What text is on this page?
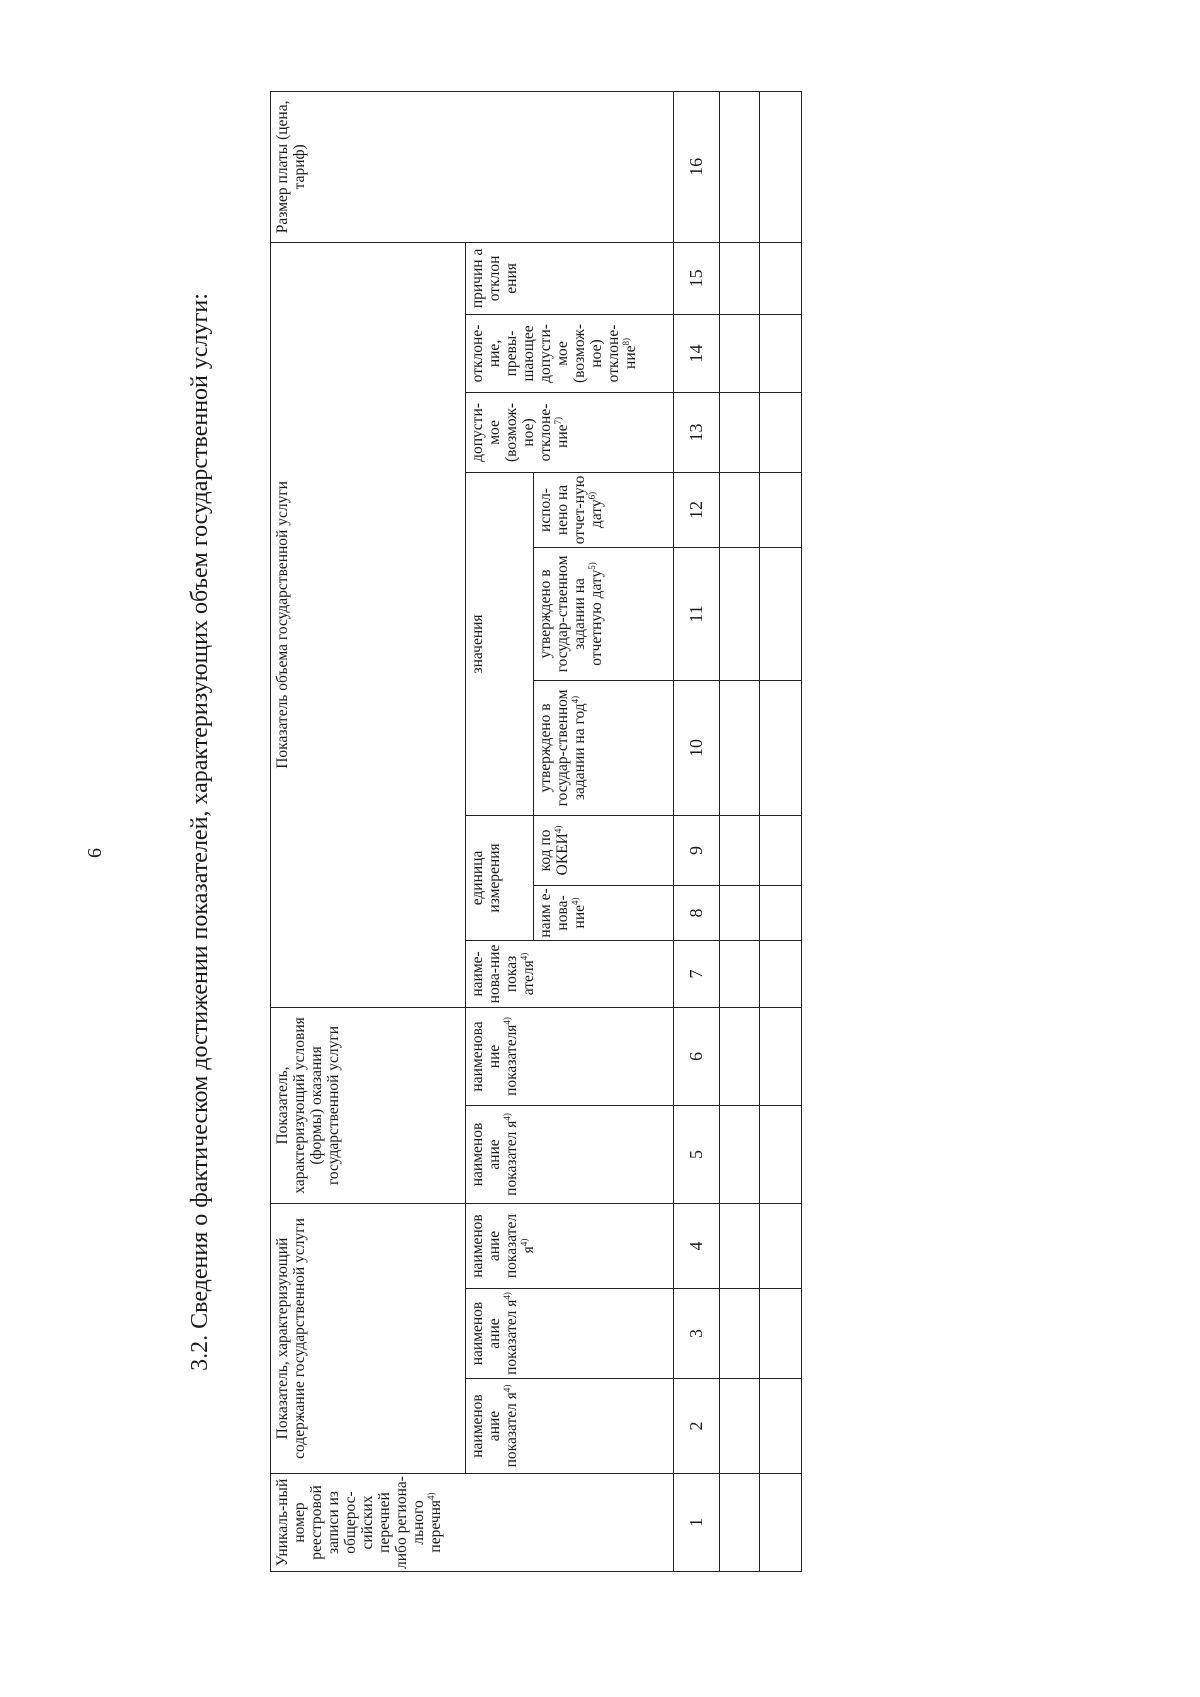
6	3.2. Сведения о фактическом достижении показателей, характеризующих объем государственной услуги:
Уникаль-ный номер реестровой записи из общерос-сийских перечней либо региона-льного перечня$^{4)}$	Показатель, характеризующий содержание государственной услуги			Показатель, характеризующий условия (формы) оказания государственной услуги		Показатель объема государственной услуги									Размер платы (цена, тариф)
	наименов ание показател $я^{4)}$	наименов ание показател $я^{4)}$	наименов ание показател $я^{4)}$	наименов ание показател $я^{4)}$	наименова ние показателя$^{4)}$	наиме-нова-ние показ ателя$^{4)}$	единица измерения		значения			допусти-мое (возмож-ное) отклоне-ние$^{7)}$	отклоне-ние, превы-шающее допусти-мое (возмож-ное) отклоне-ние$^{8)}$	причин а отклон ения	
							наим е-нова-ние$^{4)}$	код по ОКЕИ$^{4)}$	утверждено в государ-ственном задании на год$^{4)}$	утверждено в государ-ственном задании на отчетную дату$^{5)}$	испол-нено на отчет-ную дату$^{6)}$
1	2	3	4	5	6	7	8	9	10	11	12	13	14	15	16
